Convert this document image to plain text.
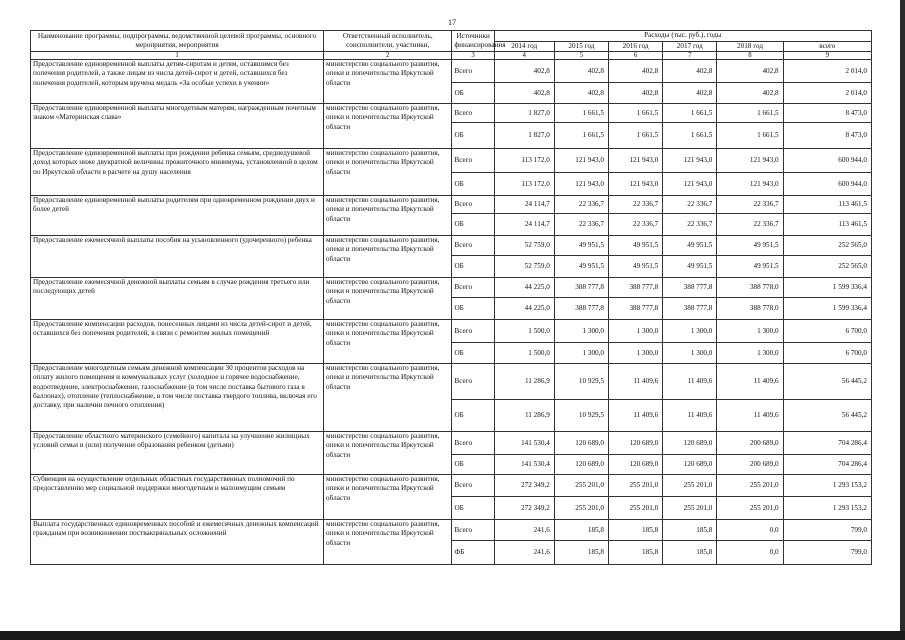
17
Наименование программы, подпрограммы, ведомственной целевой программы, основного мероприятия, мероприятия	Ответственный исполнитель, соисполнители, участники,	Источники финансирования	Расходы (тыс. руб.), годы					
			2014 год	2015 год	2016 год	2017 год	2018 год	всего
1	2	3	4	5	6	7	8	9
Предоставление единовременной выплаты детям-сиротам и детям, оставшимся без попечения родителей, а также лицам из числа детей-сирот и детей, оставшихся без попечения родителей, которым вручена медаль «За особые успехи в учении»	министерство социального развития, опеки и попечительства Иркутской области	Всего	402,8	402,8	402,8	402,8	402,8	2 014,0
		ОБ	402,8	402,8	402,8	402,8	402,8	2 014,0
Предоставление единовременной выплаты многодетным матерям, награжденным почетным знаком «Материнская слава»	министерство социального развития, опеки и попечительства Иркутской области	Всего	1 827,0	1 661,5	1 661,5	1 661,5	1 661,5	8 473,0
		ОБ	1 827,0	1 661,5	1 661,5	1 661,5	1 661,5	8 473,0
Предоставление единовременной выплаты при рождении ребенка семьям, среднедушевой доход которых ниже двукратной величины прожиточного минимума, установленной в целом по Иркутской области в расчете на душу населения	министерство социального развития, опеки и попечительства Иркутской области	Всего	113 172,0	121 943,0	121 943,0	121 943,0	121 943,0	600 944,0
		ОБ	113 172,0	121 943,0	121 943,0	121 943,0	121 943,0	600 944,0
Предоставление единовременной выплаты родителям при одновременном рождении двух и более детей	министерство социального развития, опеки и попечительства Иркутской области	Всего	24 114,7	22 336,7	22 336,7	22 336,7	22 336,7	113 461,5
		ОБ	24 114,7	22 336,7	22 336,7	22 336,7	22 336,7	113 461,5
Предоставление ежемесячной выплаты пособия на усыновленного (удочеренного) ребенка	министерство социального развития, опеки и попечительства Иркутской области	Всего	52 759,0	49 951,5	49 951,5	49 951,5	49 951,5	252 565,0
		ОБ	52 759,0	49 951,5	49 951,5	49 951,5	49 951,5	252 565,0
Предоставление ежемесячной денежной выплаты семьям в случае рождения третьего или последующих детей	министерство социального развития, опеки и попечительства Иркутской области	Всего	44 225,0	388 777,8	388 777,8	388 777,8	388 778,0	1 599 336,4
		ОБ	44 225,0	388 777,8	388 777,8	388 777,8	388 778,0	1 599 336,4
Предоставление компенсации расходов, понесенных лицами из числа детей-сирот и детей, оставшихся без попечения родителей, в связи с ремонтом жилых помещений	министерство социального развития, опеки и попечительства Иркутской области	Всего	1 500,0	1 300,0	1 300,0	1 300,0	1 300,0	6 700,0
		ОБ	1 500,0	1 300,0	1 300,0	1 300,0	1 300,0	6 700,0
Предоставление многодетным семьям денежной компенсации 30 процентов расходов на оплату жилого помещения и коммунальных услуг (холодное и горячее водоснабжение, водоотведение, электроснабжение, газоснабжение (в том числе поставка бытового газа в баллонах), отопление (теплоснабжение, в том числе поставка твердого топлива, включая его доставку, при наличии печного отопления)	министерство социального развития, опеки и попечительства Иркутской области	Всего	11 286,9	10 929,5	11 409,6	11 409,6	11 409,6	56 445,2
		ОБ	11 286,9	10 929,5	11 409,6	11 409,6	11 409,6	56 445,2
Предоставление областного материнского (семейного) капитала на улучшение жилищных условий семьи и (или) получение образования ребенком (детьми)	министерство социального развития, опеки и попечительства Иркутской области	Всего	141 530,4	120 689,0	120 689,0	120 689,0	200 689,0	704 286,4
		ОБ	141 530,4	120 689,0	120 689,0	120 689,0	200 689,0	704 286,4
Субвенция на осуществление отдельных областных государственных полномочий по предоставлению мер социальной поддержки многодетным и малоимущим семьям	министерство социального развития, опеки и попечительства Иркутской области	Всего	272 349,2	255 201,0	255 201,0	255 201,0	255 201,0	1 293 153,2
		ОБ	272 349,2	255 201,0	255 201,0	255 201,0	255 201,0	1 293 153,2
Выплата государственных единовременных пособий и ежемесячных денежных компенсаций гражданам при возникновении поствакцинальных осложнений	министерство социального развития, опеки и попечительства Иркутской области	Всего	241,6	185,8	185,8	185,8	0,0	799,0
		ФБ	241,6	185,8	185,8	185,8	0,0	799,0
